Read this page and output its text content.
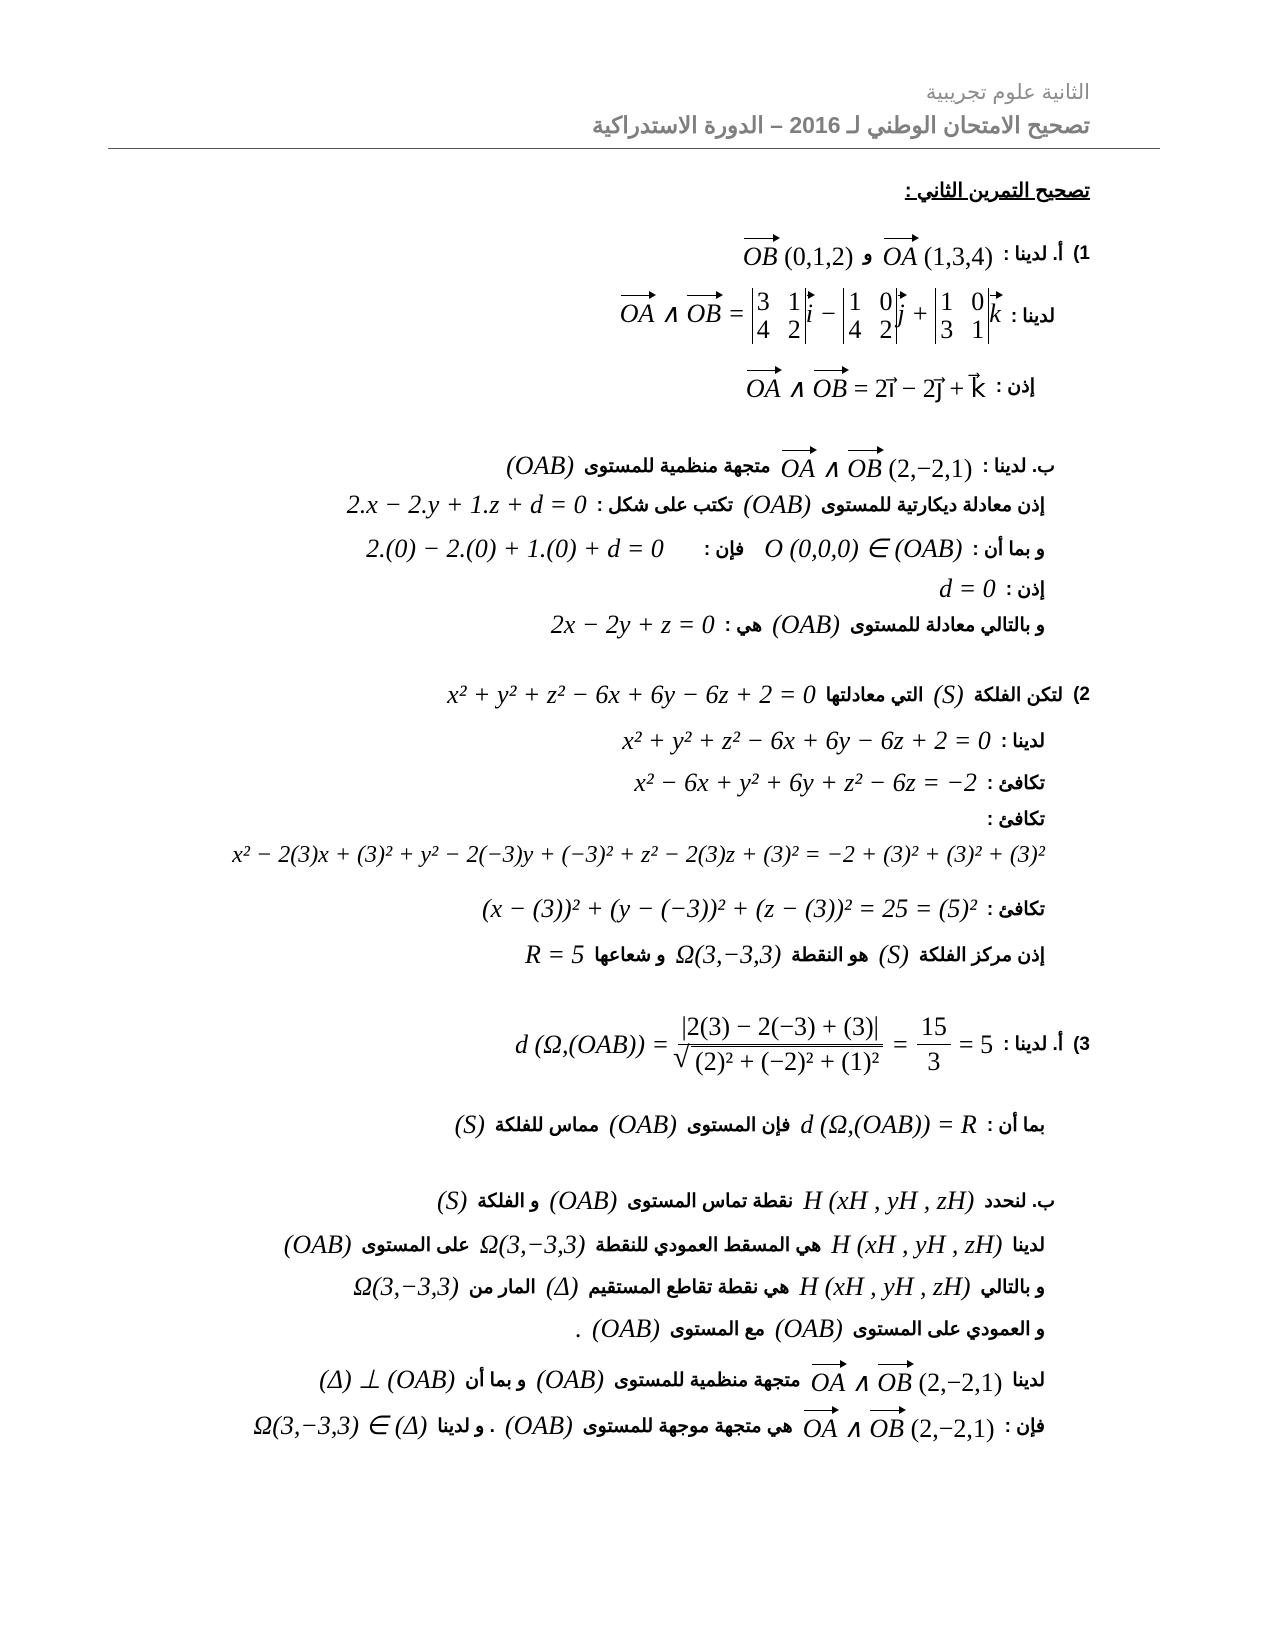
الثانية علوم تجريبية
تصحيح الامتحان الوطني لـ 2016 – الدورة الاستدراكية
تصحيح التمرين الثاني :
(1
أ. لدينا :
OA (1,3,4)
و
OB (0,1,2)
لدينا :
OA ∧ OB = 3 1
4 2
i − 1 0
4 2
j + 1 0
3 1
k
إذن :
OA ∧ OB = 2i⃗ − 2j⃗ + k⃗
ب. لدينا :
OA ∧ OB (2,−2,1)
متجهة منظمية للمستوى
(OAB)
إذن معادلة ديكارتية للمستوى
(OAB)
تكتب على شكل :
2.x − 2.y + 1.z + d = 0
و بما أن :
O (0,0,0) ∈ (OAB)
فإن :
2.(0) − 2.(0) + 1.(0) + d = 0
إذن :
d = 0
و بالتالي معادلة للمستوى
(OAB)
هي :
2x − 2y + z = 0
(2
لتكن الفلكة
(S)
التي معادلتها
x² + y² + z² − 6x + 6y − 6z + 2 = 0
لدينا :
x² + y² + z² − 6x + 6y − 6z + 2 = 0
تكافئ :
x² − 6x + y² + 6y + z² − 6z = −2
تكافئ :
x² − 2(3)x + (3)² + y² − 2(−3)y + (−3)² + z² − 2(3)z + (3)² = −2 + (3)² + (3)² + (3)²
تكافئ :
(x − (3))² + (y − (−3))² + (z − (3))² = 25 = (5)²
إذن مركز الفلكة
(S)
هو النقطة
Ω(3,−3,3)
و شعاعها
R = 5
(3
أ. لدينا :
d (Ω,(OAB)) = |2(3) − 2(−3) + (3)|
√ $(2)^2 + (-2)^2 + (1)^2 = \frac{15}{3} = 5$
بما أن :
d (Ω,(OAB)) = R
فإن المستوى
(OAB)
مماس للفلكة
(S)
ب. لنحدد
H (xH , yH , zH)
نقطة تماس المستوى
(OAB)
و الفلكة
(S)
لدينا
H (xH , yH , zH)
هي المسقط العمودي للنقطة
Ω(3,−3,3)
على المستوى
(OAB)
و بالتالي
H (xH , yH , zH)
هي نقطة تقاطع المستقيم
(Δ)
المار من
Ω(3,−3,3)
و العمودي على المستوى
(OAB)
مع المستوى
(OAB)
.
لدينا
OA ∧ OB (2,−2,1)
متجهة منظمية للمستوى
(OAB)
و بما أن
(Δ) ⊥ (OAB)
فإن :
OA ∧ OB (2,−2,1)
هي متجهة موجهة للمستوى
(OAB)
. و لدينا
Ω(3,−3,3) ∈ (Δ)
